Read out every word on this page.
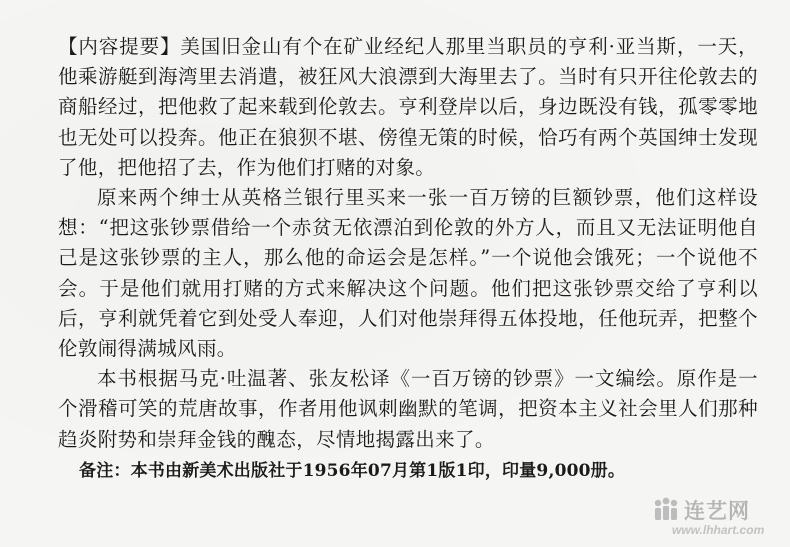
【内容提要】美国旧金山有个在矿业经纪人那里当职员的亨利·亚当斯，一天，他乘游艇到海湾里去消遣，被狂风大浪漂到大海里去了。当时有只开往伦敦去的商船经过，把他救了起来载到伦敦去。亨利登岸以后，身边既没有钱，孤零零地也无处可以投奔。他正在狼狈不堪、傍徨无策的时候，恰巧有两个英国绅士发现了他，把他招了去，作为他们打赌的对象。

原来两个绅士从英格兰银行里买来一张一百万镑的巨额钞票，他们这样设想：“把这张钞票借给一个赤贫无依漂泊到伦敦的外方人，而且又无法证明他自己是这张钞票的主人，那么他的命运会是怎样。”一个说他会饿死；一个说他不会。于是他们就用打赌的方式来解决这个问题。他们把这张钞票交给了亨利以后，亨利就凭着它到处受人奉迎，人们对他崇拜得五体投地，任他玩弄，把整个伦敦闹得满城风雨。

本书根据马克·吐温著、张友松译《一百万镑的钞票》一文编绘。原作是一个滑稽可笑的荒唐故事，作者用他讽刺幽默的笔调，把资本主义社会里人们那种趋炎附势和崇拜金钱的醜态，尽情地揭露出来了。

备注：本书由新美术出版社于1956年07月第1版1印，印量9,000册。
连艺网
www.lhhart.com
